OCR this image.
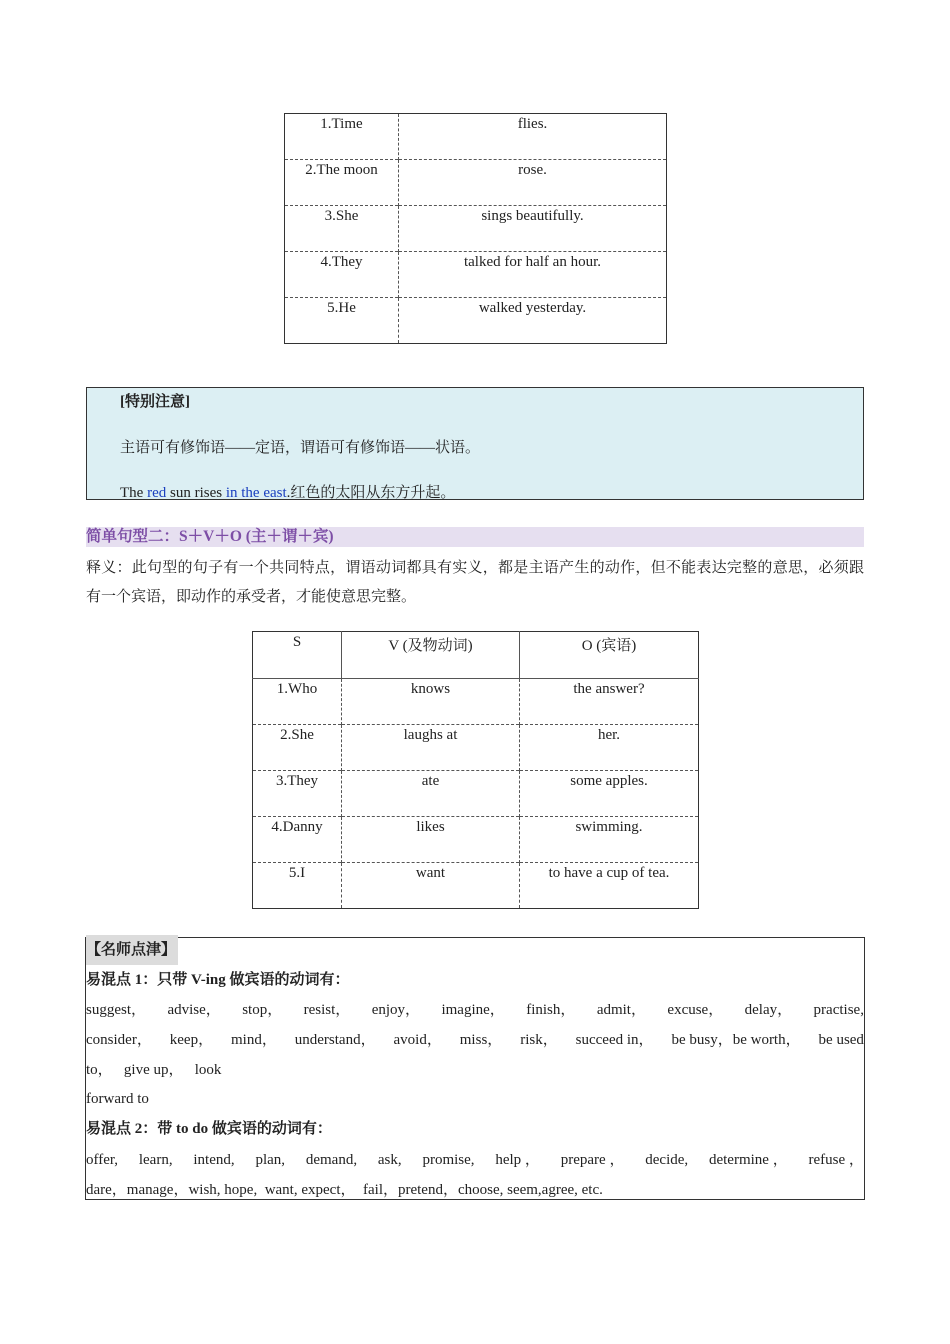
1.Time	flies.
2.The moon	rose.
3.She	sings beautifully.
4.They	talked for half an hour.
5.He	walked yesterday.

[特别注意]

主语可有修饰语——定语，谓语可有修饰语——状语。

The red sun rises in the east.红色的太阳从东方升起。

简单句型二：S＋V＋O (主＋谓＋宾)
释义：此句型的句子有一个共同特点，谓语动词都具有实义，都是主语产生的动作，但不能表达完整的意思，必须跟有一个宾语，即动作的承受者，才能使意思完整。
S	V (及物动词)	O (宾语)
1.Who	knows	the answer?
2.She	laughs at	her.
3.They	ate	some apples.
4.Danny	likes	swimming.
5.I	want	to have a cup of tea.
【名师点津】
易混点 1：只带 V-ing 做宾语的动词有：
suggest， advise， stop， resist， enjoy， imagine， finish， admit， excuse， delay， practise,
consider， keep， mind， understand， avoid， miss， risk， succeed in， be busy，be worth， be used
to，   give up，   look
forward to
易混点 2：带 to do 做宾语的动词有：
offer, learn, intend, plan, demand, ask, promise, help ， prepare ， decide, determine ， refuse ，
dare，manage，wish, hope,  want, expect，  fail，pretend，choose, seem,agree, etc.
